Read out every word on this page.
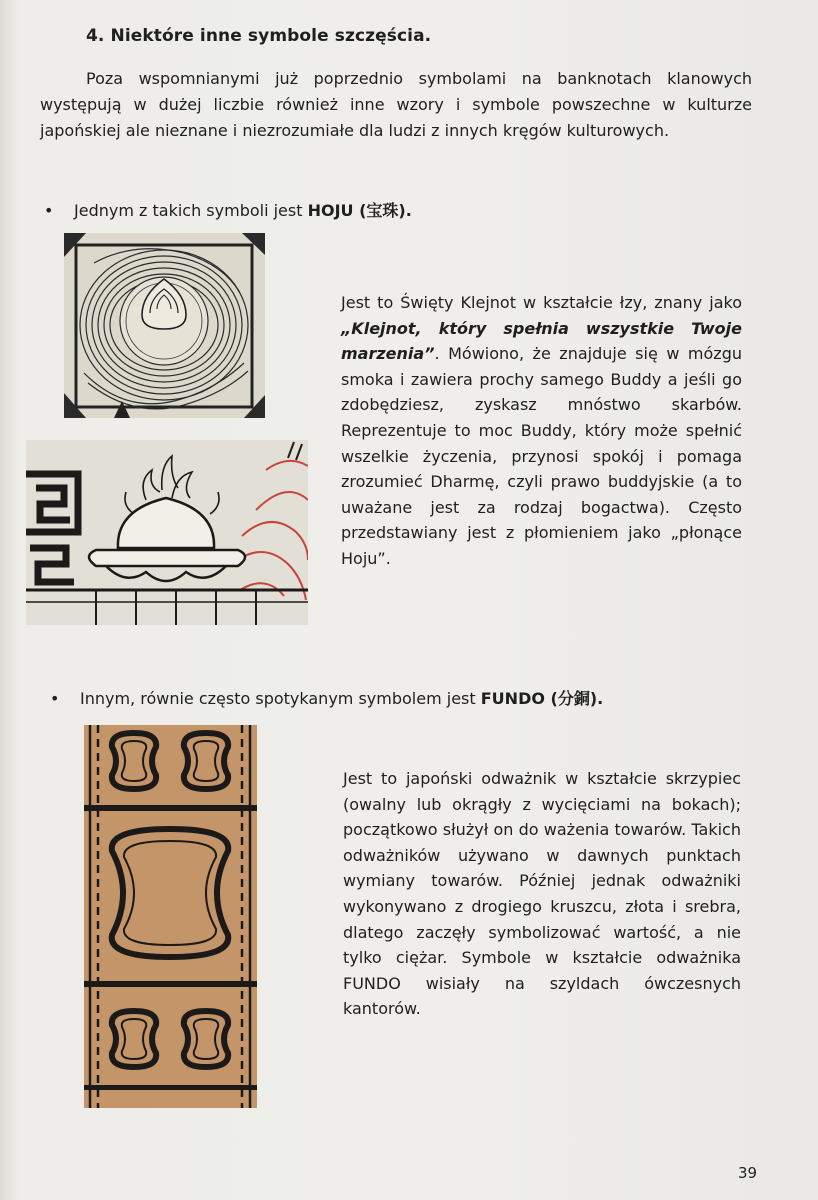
4. Niektóre inne symbole szczęścia.
Poza wspomnianymi już poprzednio symbolami na banknotach klanowych występują w dużej liczbie również inne wzory i symbole powszechne w kulturze japońskiej ale nieznane i niezrozumiałe dla ludzi z innych kręgów kulturowych.
• Jednym z takich symboli jest HOJU (宝珠).
Jest to Święty Klejnot w kształcie łzy, znany jako „Klejnot, który spełnia wszystkie Twoje marzenia”. Mówiono, że znajduje się w mózgu smoka i zawiera prochy samego Buddy a jeśli go zdobędziesz, zyskasz mnóstwo skarbów. Reprezentuje to moc Buddy, który może spełnić wszelkie życzenia, przynosi spokój i pomaga zrozumieć Dharmę, czyli prawo buddyjskie (a to uważane jest za rodzaj bogactwa). Często przedstawiany jest z płomieniem jako „płonące Hoju”.
• Innym, równie często spotykanym symbolem jest FUNDO (分銅).
Jest to japoński odważnik w kształcie skrzypiec (owalny lub okrągły z wycięciami na bokach); początkowo służył on do ważenia towarów. Takich odważników używano w dawnych punktach wymiany towarów. Później jednak odważniki wykonywano z drogiego kruszcu, złota i srebra, dlatego zaczęły symbolizować wartość, a nie tylko ciężar. Symbole w kształcie odważnika FUNDO wisiały na szyldach ówczesnych kantorów.
39
